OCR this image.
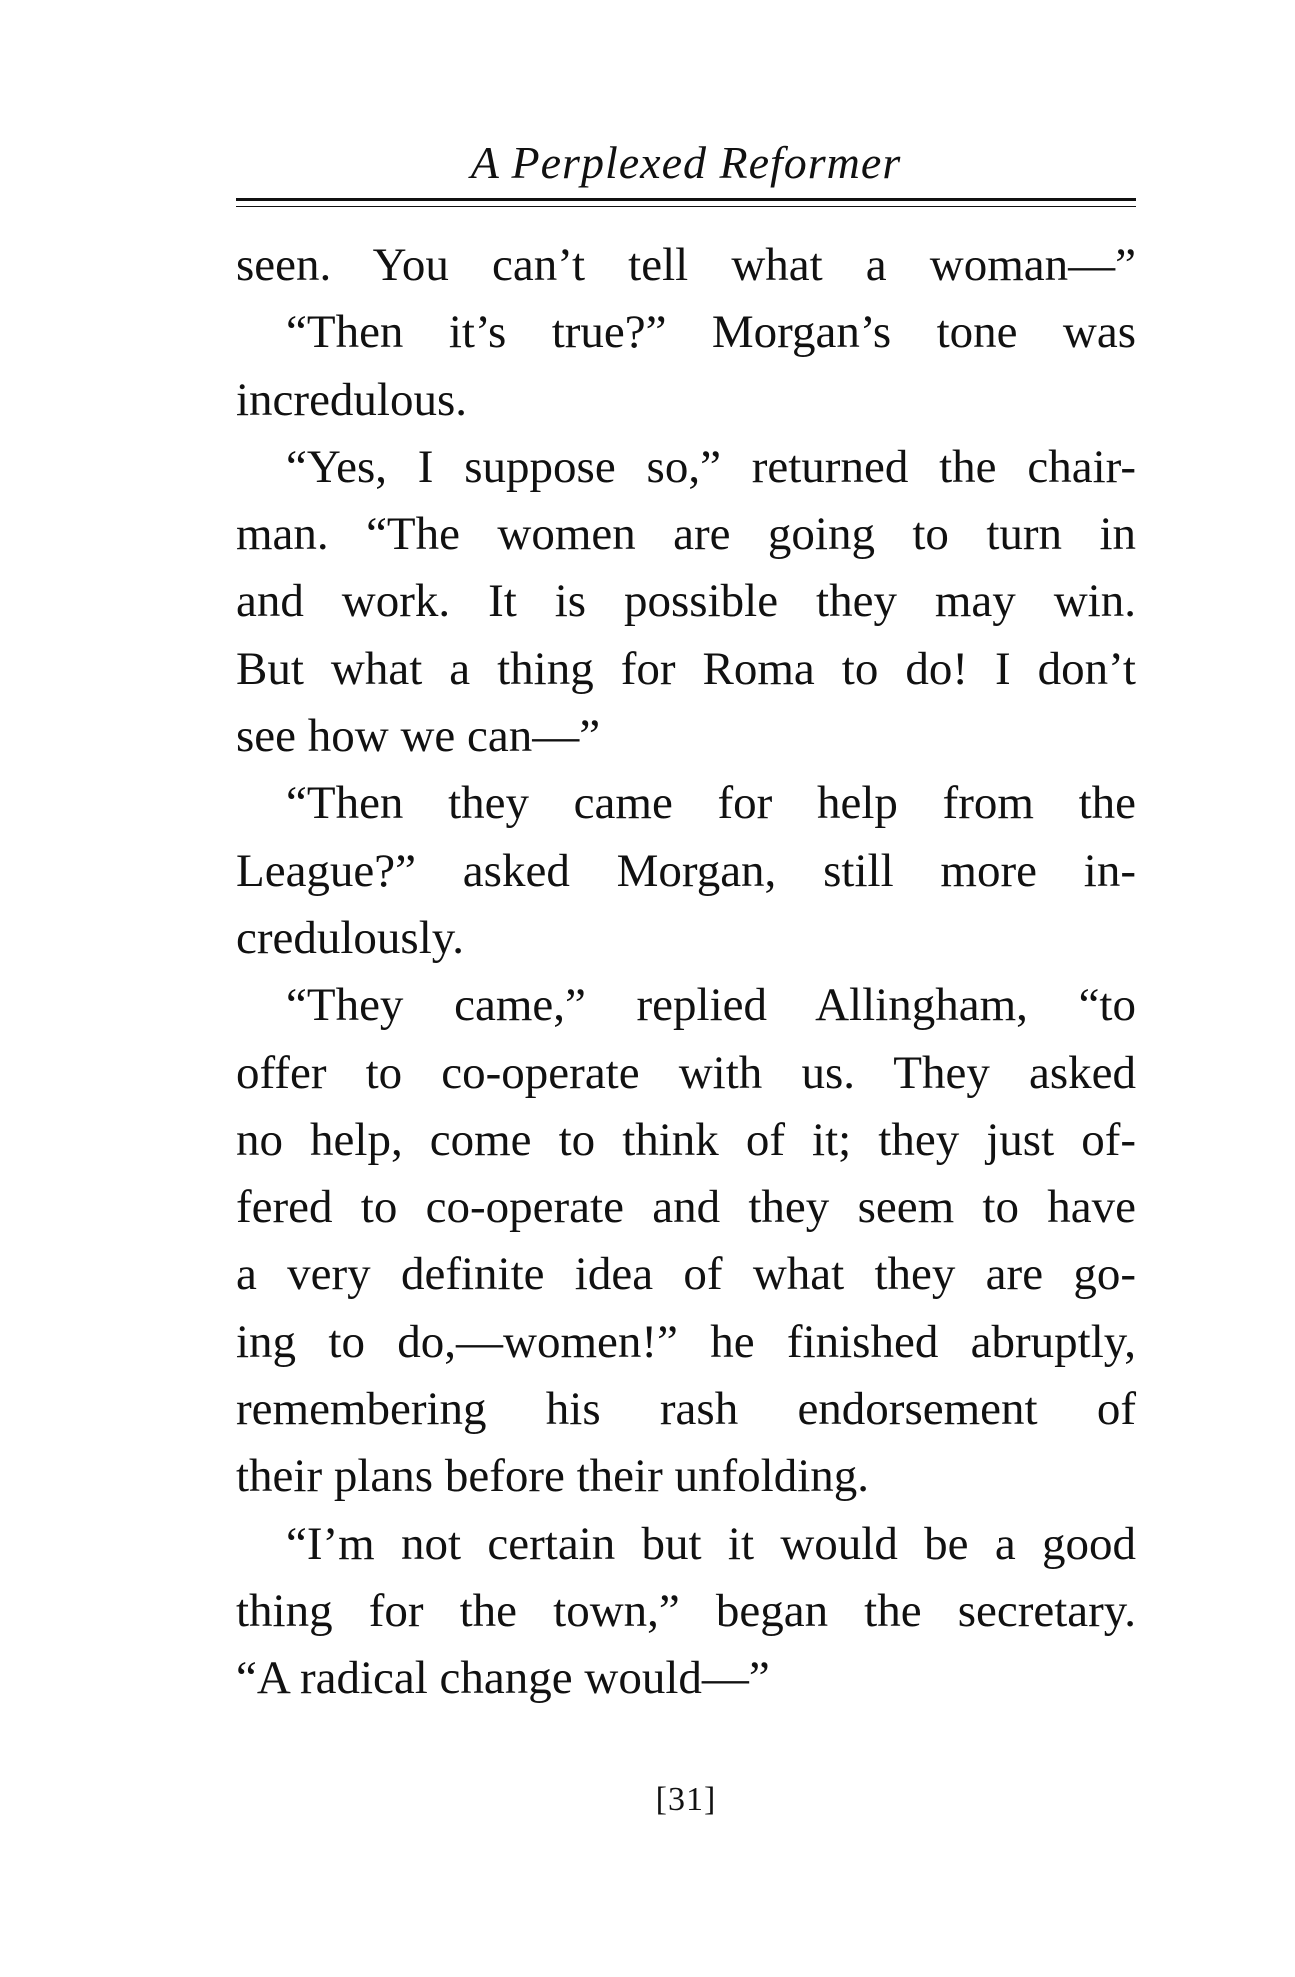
A Perplexed Reformer
seen. You can’t tell what a woman—”
“Then it’s true?” Morgan’s tone was
incredulous.
“Yes, I suppose so,” returned the chair-
man. “The women are going to turn in
and work. It is possible they may win.
But what a thing for Roma to do! I don’t
see how we can—”
“Then they came for help from the
League?” asked Morgan, still more in-
credulously.
“They came,” replied Allingham, “to
offer to co-operate with us. They asked
no help, come to think of it; they just of-
fered to co-operate and they seem to have
a very definite idea of what they are go-
ing to do,—women!” he finished abruptly,
remembering his rash endorsement of
their plans before their unfolding.
“I’m not certain but it would be a good
thing for the town,” began the secretary.
“A radical change would—”
[31]
